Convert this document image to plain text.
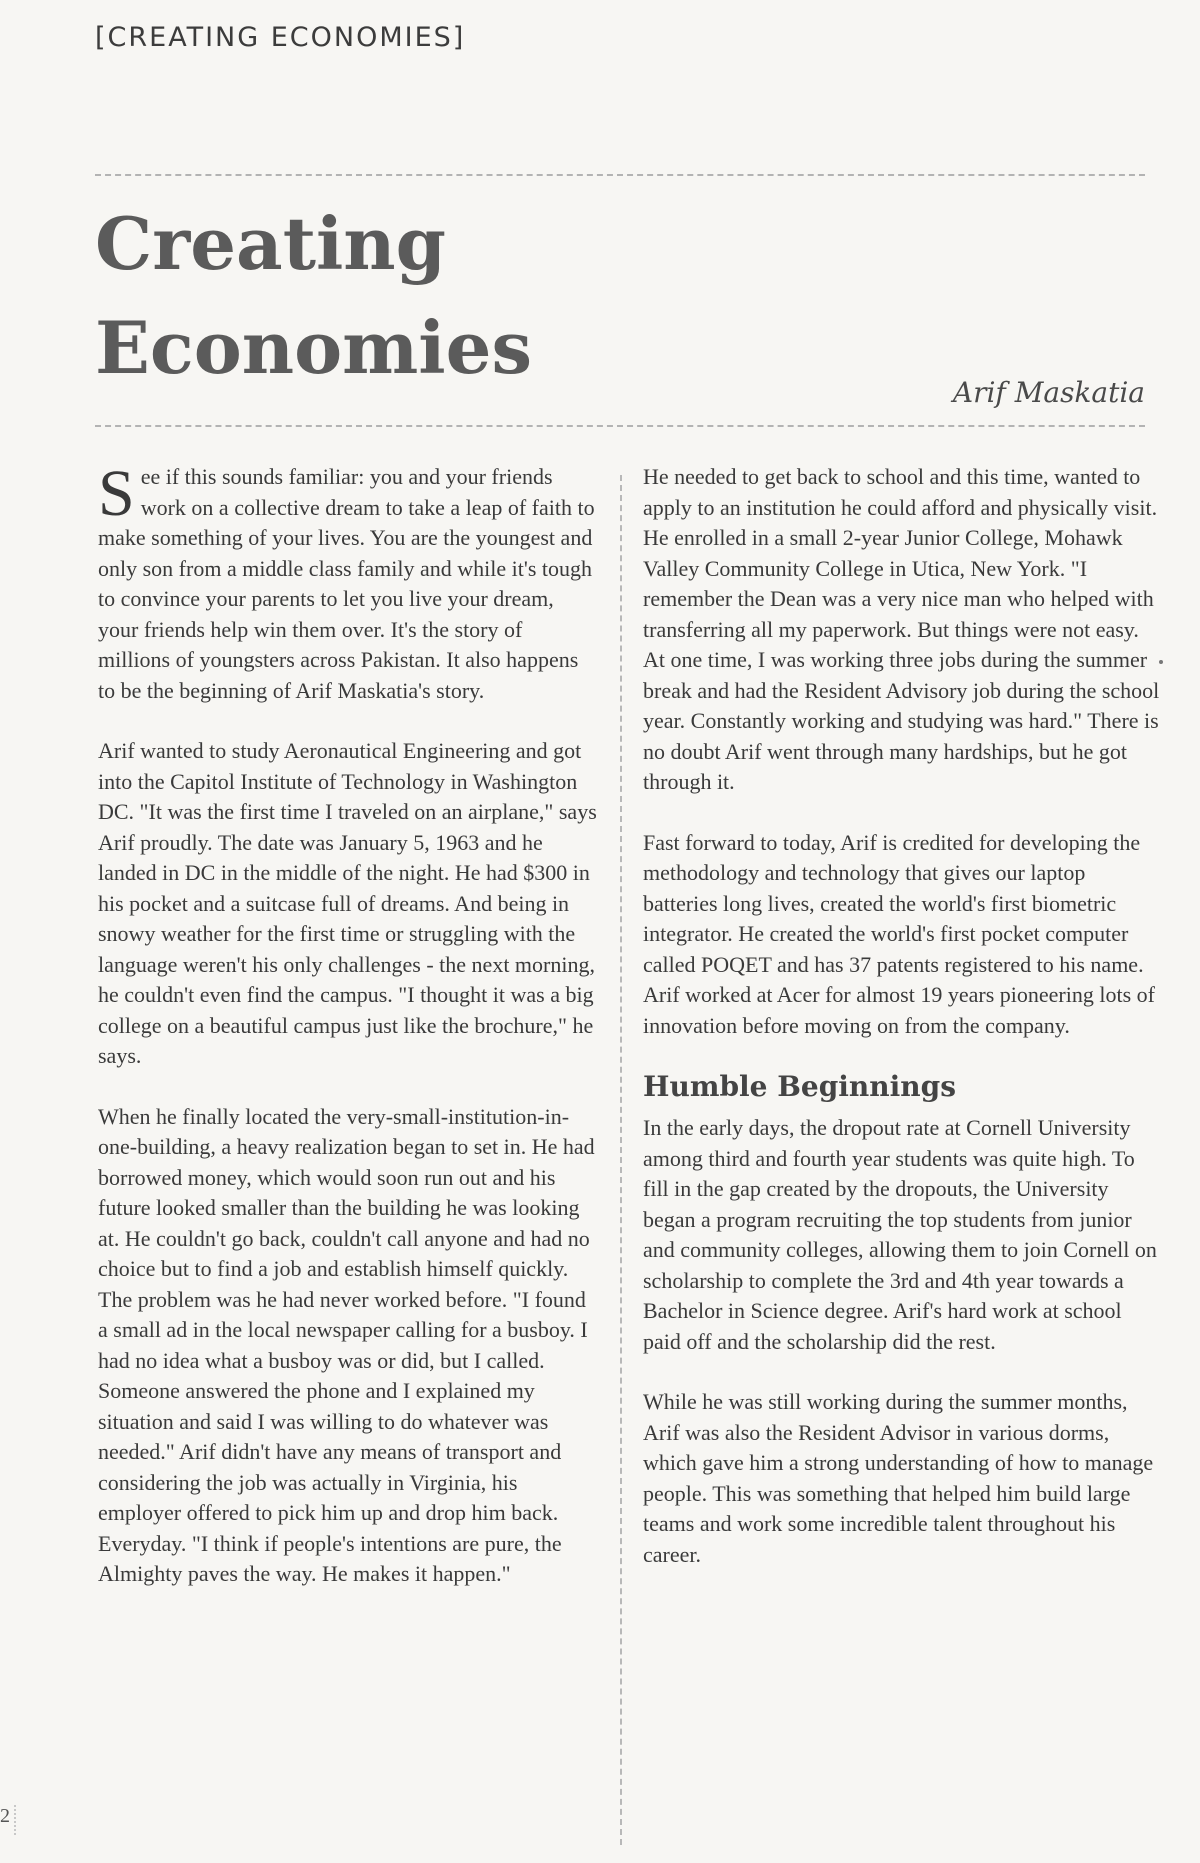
[CREATING ECONOMIES]
Creating
Economies
Arif Maskatia

See if this sounds familiar: you and your friends work on a collective dream to take a leap of faith to make something of your lives. You are the youngest and only son from a middle class family and while it's tough to convince your parents to let you live your dream, your friends help win them over. It's the story of millions of youngsters across Pakistan. It also happens to be the beginning of Arif Maskatia's story.

Arif wanted to study Aeronautical Engineering and got into the Capitol Institute of Technology in Washington DC. "It was the first time I traveled on an airplane," says Arif proudly. The date was January 5, 1963 and he landed in DC in the middle of the night. He had $300 in his pocket and a suitcase full of dreams. And being in snowy weather for the first time or struggling with the language weren't his only challenges - the next morning, he couldn't even find the campus. "I thought it was a big college on a beautiful campus just like the brochure," he says.

When he finally located the very-small-institution-in-one-building, a heavy realization began to set in. He had borrowed money, which would soon run out and his future looked smaller than the building he was looking at. He couldn't go back, couldn't call anyone and had no choice but to find a job and establish himself quickly. The problem was he had never worked before. "I found a small ad in the local newspaper calling for a busboy. I had no idea what a busboy was or did, but I called. Someone answered the phone and I explained my situation and said I was willing to do whatever was needed." Arif didn't have any means of transport and considering the job was actually in Virginia, his employer offered to pick him up and drop him back. Everyday. "I think if people's intentions are pure, the Almighty paves the way. He makes it happen."

He needed to get back to school and this time, wanted to apply to an institution he could afford and physically visit. He enrolled in a small 2-year Junior College, Mohawk Valley Community College in Utica, New York. "I remember the Dean was a very nice man who helped with transferring all my paperwork. But things were not easy. At one time, I was working three jobs during the summer break and had the Resident Advisory job during the school year. Constantly working and studying was hard." There is no doubt Arif went through many hardships, but he got through it.

Fast forward to today, Arif is credited for developing the methodology and technology that gives our laptop batteries long lives, created the world's first biometric integrator. He created the world's first pocket computer called POQET and has 37 patents registered to his name. Arif worked at Acer for almost 19 years pioneering lots of innovation before moving on from the company.

Humble Beginnings

In the early days, the dropout rate at Cornell University among third and fourth year students was quite high. To fill in the gap created by the dropouts, the University began a program recruiting the top students from junior and community colleges, allowing them to join Cornell on scholarship to complete the 3rd and 4th year towards a Bachelor in Science degree. Arif's hard work at school paid off and the scholarship did the rest.

While he was still working during the summer months, Arif was also the Resident Advisor in various dorms, which gave him a strong understanding of how to manage people. This was something that helped him build large teams and work some incredible talent throughout his career.

2
